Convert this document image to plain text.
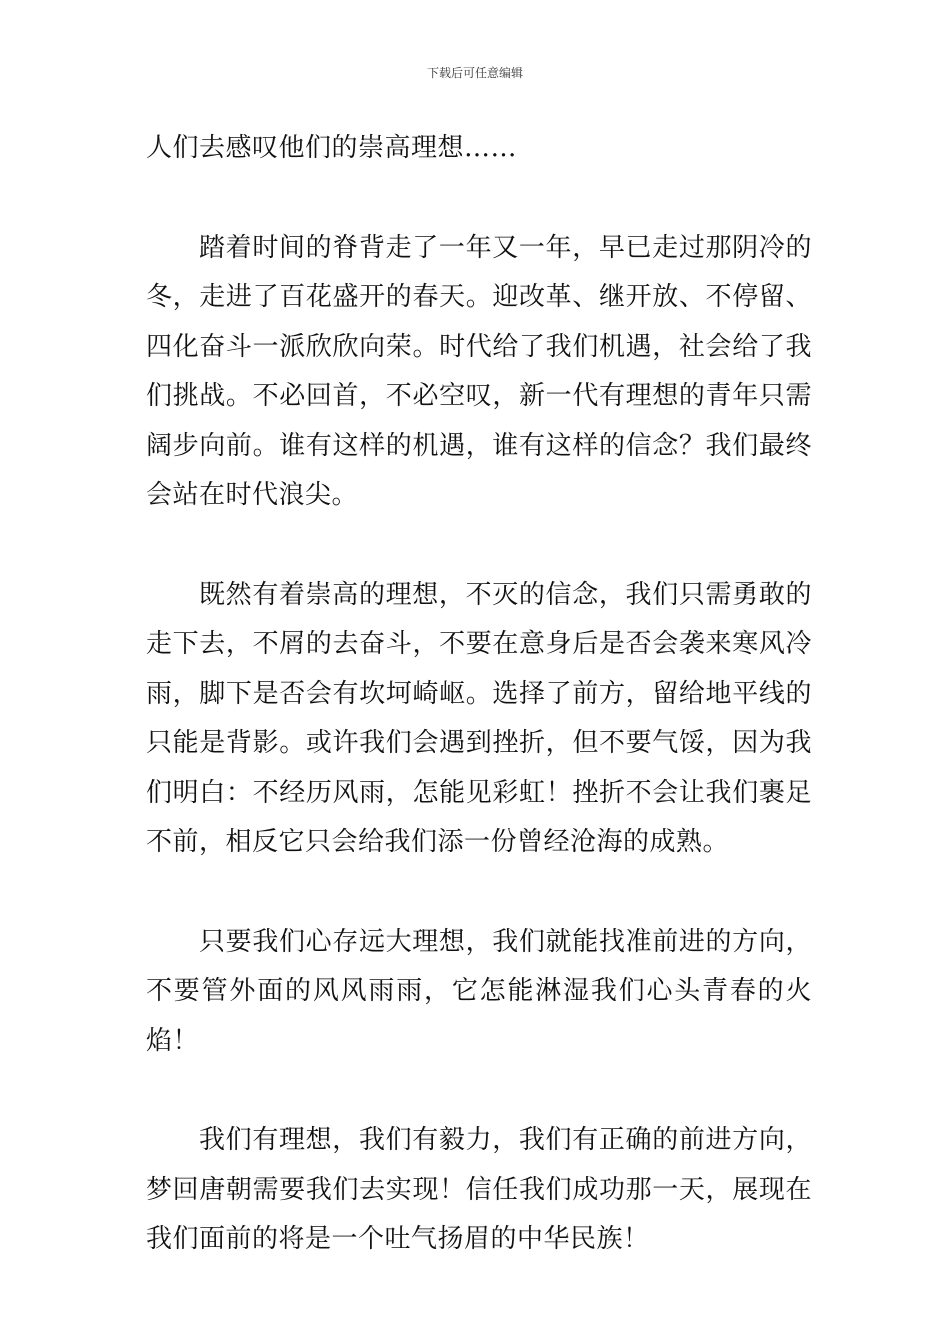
下载后可任意编辑

人们去感叹他们的崇高理想……

踏着时间的脊背走了一年又一年，早已走过那阴冷的冬，走进了百花盛开的春天。迎改革、继开放、不停留、四化奋斗一派欣欣向荣。时代给了我们机遇，社会给了我们挑战。不必回首，不必空叹，新一代有理想的青年只需阔步向前。谁有这样的机遇，谁有这样的信念？我们最终会站在时代浪尖。

既然有着崇高的理想，不灭的信念，我们只需勇敢的走下去，不屑的去奋斗，不要在意身后是否会袭来寒风冷雨，脚下是否会有坎坷崎岖。选择了前方，留给地平线的只能是背影。或许我们会遇到挫折，但不要气馁，因为我们明白：不经历风雨，怎能见彩虹！挫折不会让我们裹足不前，相反它只会给我们添一份曾经沧海的成熟。

只要我们心存远大理想，我们就能找准前进的方向，不要管外面的风风雨雨，它怎能淋湿我们心头青春的火焰！

我们有理想，我们有毅力，我们有正确的前进方向，梦回唐朝需要我们去实现！信任我们成功那一天，展现在我们面前的将是一个吐气扬眉的中华民族！
